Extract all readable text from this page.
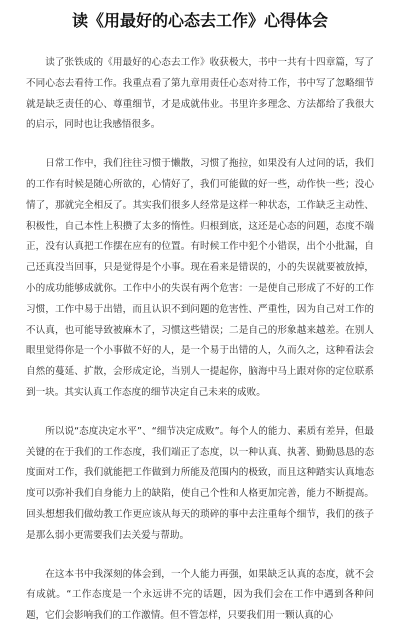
读《用最好的心态去工作》心得体会

读了张铁成的《用最好的心态去工作》收获极大，书中一共有十四章篇，写了不同心态去看待工作。我重点看了第九章用责任心态对待工作，书中写了忽略细节就是缺乏责任的心、尊重细节，才是成就伟业。书里许多理念、方法都给了我很大的启示，同时也让我感悟很多。

日常工作中，我们往往习惯于懒散，习惯了拖拉，如果没有人过问的话，我们的工作有时候是随心所欲的，心情好了，我们可能做的好一些，动作快一些；没心情了，那就完全相反了。其实我们很多人经常是这样一种状态，工作缺乏主动性、积极性，自己本性上积攒了太多的惰性。归根到底，这还是心态的问题，态度不端正，没有认真把工作摆在应有的位置。有时候工作中犯个小错误，出个小批漏，自己还真没当回事，只是觉得是个小事。现在看来是错误的，小的失误就要被放掉，小的成功能够成就你。工作中小的失误有两个危害：一是使自己形成了不好的工作习惯，工作中易于出错，而且认识不到问题的危害性、严重性，因为自己对工作的不认真，也可能导致被麻木了，习惯这些错误；二是自己的形象越来越差。在别人眼里觉得你是一个小事做不好的人，是一个易于出错的人，久而久之，这种看法会自然的蔓延、扩散，会形成定论，当别人一提起你，脑海中马上跟对你的定位联系到一块。其实认真工作态度的细节决定自己未来的成败。

所以说“态度决定水平”、“细节决定成败”。每个人的能力、素质有差异，但最关键的在于我们的工作态度，我们端正了态度，以一种认真、执著、勤勤恳恳的态度面对工作，我们就能把工作做到力所能及范围内的极致，而且这种踏实认真地态度可以弥补我们自身能力上的缺陷，使自己个性和人格更加完善，能力不断提高。回头想想我们做幼教工作更应该从每天的琐碎的事中去注重每个细节，我们的孩子是那么弱小更需要我们去关爱与帮助。

在这本书中我深刻的体会到，一个人能力再强，如果缺乏认真的态度，就不会有成就。“工作态度是一个永远讲不完的话题，因为我们会在工作中遇到各种问题，它们会影响我们的工作激情。但不管怎样，只要我们用一颗认真的心
